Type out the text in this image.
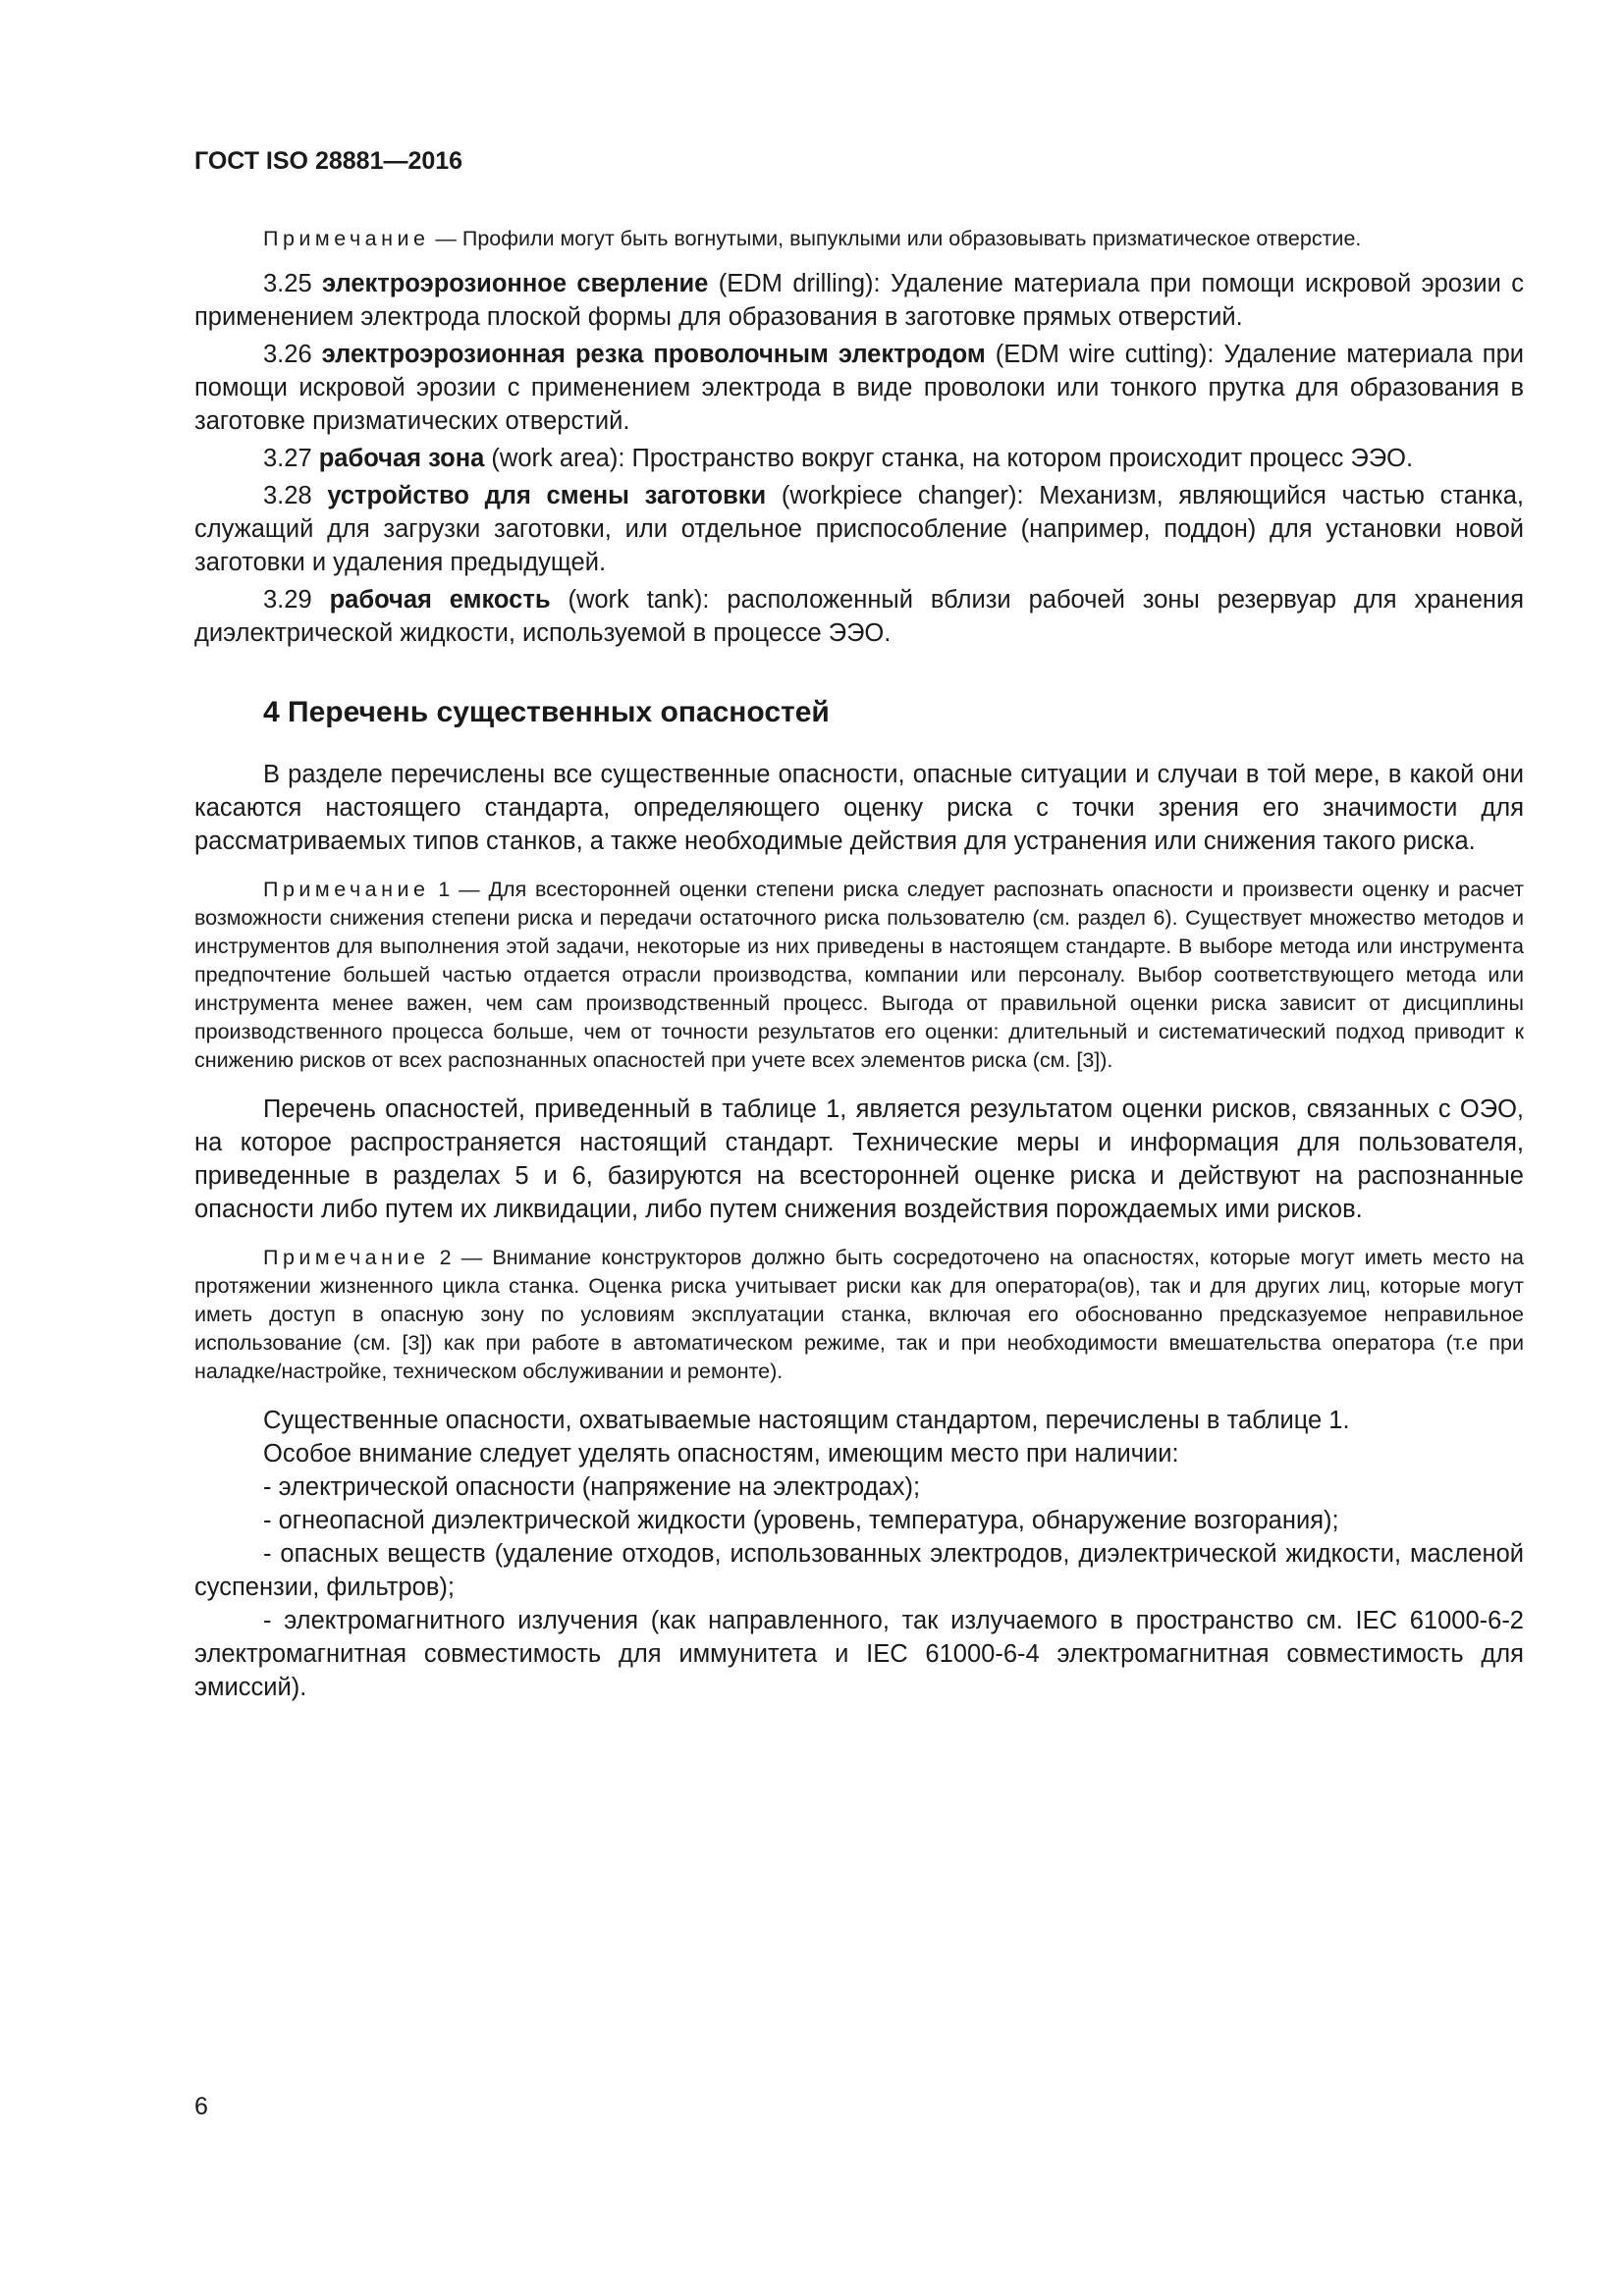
ГОСТ ISO 28881—2016

Примечание — Профили могут быть вогнутыми, выпуклыми или образовывать призматическое отверстие.

3.25 электроэрозионное сверление (EDM drilling): Удаление материала при помощи искровой эрозии с применением электрода плоской формы для образования в заготовке прямых отверстий.

3.26 электроэрозионная резка проволочным электродом (EDM wire cutting): Удаление материала при помощи искровой эрозии с применением электрода в виде проволоки или тонкого прутка для образования в заготовке призматических отверстий.

3.27 рабочая зона (work area): Пространство вокруг станка, на котором происходит процесс ЭЭО.

3.28 устройство для смены заготовки (workpiece changer): Механизм, являющийся частью станка, служащий для загрузки заготовки, или отдельное приспособление (например, поддон) для установки новой заготовки и удаления предыдущей.

3.29 рабочая емкость (work tank): расположенный вблизи рабочей зоны резервуар для хранения диэлектрической жидкости, используемой в процессе ЭЭО.

4 Перечень существенных опасностей

В разделе перечислены все существенные опасности, опасные ситуации и случаи в той мере, в какой они касаются настоящего стандарта, определяющего оценку риска с точки зрения его значимости для рассматриваемых типов станков, а также необходимые действия для устранения или снижения такого риска.

Примечание 1 — Для всесторонней оценки степени риска следует распознать опасности и произвести оценку и расчет возможности снижения степени риска и передачи остаточного риска пользователю (см. раздел 6). Существует множество методов и инструментов для выполнения этой задачи, некоторые из них приведены в настоящем стандарте. В выборе метода или инструмента предпочтение большей частью отдается отрасли производства, компании или персоналу. Выбор соответствующего метода или инструмента менее важен, чем сам производственный процесс. Выгода от правильной оценки риска зависит от дисциплины производственного процесса больше, чем от точности результатов его оценки: длительный и систематический подход приводит к снижению рисков от всех распознанных опасностей при учете всех элементов риска (см. [3]).

Перечень опасностей, приведенный в таблице 1, является результатом оценки рисков, связанных с ОЭО, на которое распространяется настоящий стандарт. Технические меры и информация для пользователя, приведенные в разделах 5 и 6, базируются на всесторонней оценке риска и действуют на распознанные опасности либо путем их ликвидации, либо путем снижения воздействия порождаемых ими рисков.

Примечание 2 — Внимание конструкторов должно быть сосредоточено на опасностях, которые могут иметь место на протяжении жизненного цикла станка. Оценка риска учитывает риски как для оператора(ов), так и для других лиц, которые могут иметь доступ в опасную зону по условиям эксплуатации станка, включая его обоснованно предсказуемое неправильное использование (см. [3]) как при работе в автоматическом режиме, так и при необходимости вмешательства оператора (т.е при наладке/настройке, техническом обслуживании и ремонте).

Существенные опасности, охватываемые настоящим стандартом, перечислены в таблице 1.

Особое внимание следует уделять опасностям, имеющим место при наличии:

- электрической опасности (напряжение на электродах);

- огнеопасной диэлектрической жидкости (уровень, температура, обнаружение возгорания);

- опасных веществ (удаление отходов, использованных электродов, диэлектрической жидкости, масленой суспензии, фильтров);

- электромагнитного излучения (как направленного, так излучаемого в пространство см. IEC 61000-6-2 электромагнитная совместимость для иммунитета и IEC 61000-6-4 электромагнитная совместимость для эмиссий).

6
